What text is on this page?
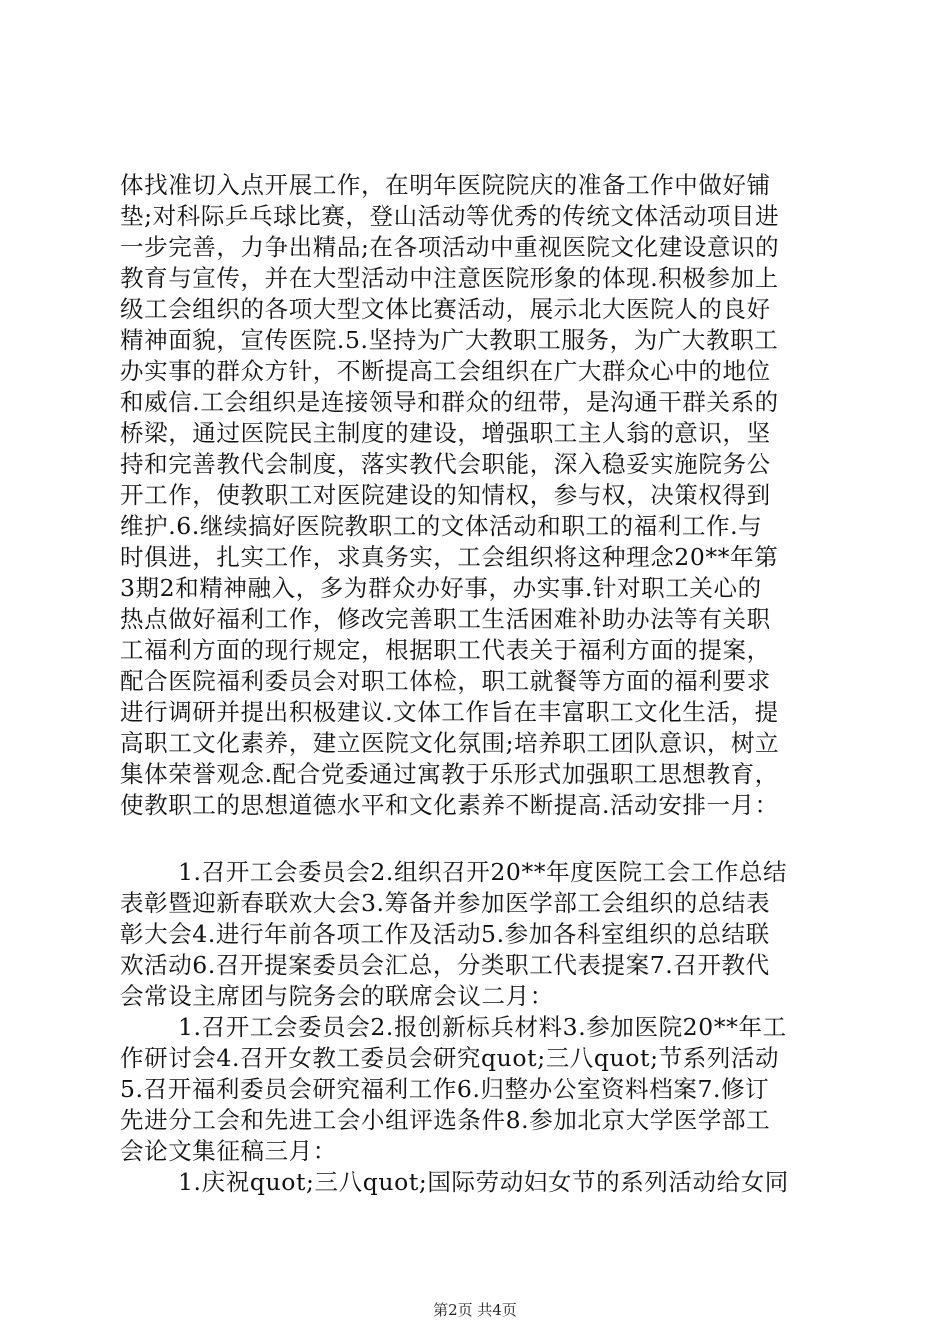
体找准切入点开展工作，在明年医院院庆的准备工作中做好铺
垫;对科际乒乓球比赛，登山活动等优秀的传统文体活动项目进
一步完善，力争出精品;在各项活动中重视医院文化建设意识的
教育与宣传，并在大型活动中注意医院形象的体现.积极参加上
级工会组织的各项大型文体比赛活动，展示北大医院人的良好
精神面貌，宣传医院.5.坚持为广大教职工服务，为广大教职工
办实事的群众方针，不断提高工会组织在广大群众心中的地位
和威信.工会组织是连接领导和群众的纽带，是沟通干群关系的
桥梁，通过医院民主制度的建设，增强职工主人翁的意识，坚
持和完善教代会制度，落实教代会职能，深入稳妥实施院务公
开工作，使教职工对医院建设的知情权，参与权，决策权得到
维护.6.继续搞好医院教职工的文体活动和职工的福利工作.与
时俱进，扎实工作，求真务实，工会组织将这种理念20**年第
3期2和精神融入，多为群众办好事，办实事.针对职工关心的
热点做好福利工作，修改完善职工生活困难补助办法等有关职
工福利方面的现行规定，根据职工代表关于福利方面的提案，
配合医院福利委员会对职工体检，职工就餐等方面的福利要求
进行调研并提出积极建议.文体工作旨在丰富职工文化生活，提
高职工文化素养，建立医院文化氛围;培养职工团队意识，树立
集体荣誉观念.配合党委通过寓教于乐形式加强职工思想教育，
使教职工的思想道德水平和文化素养不断提高.活动安排一月：
1.召开工会委员会2.组织召开20**年度医院工会工作总结
表彰暨迎新春联欢大会3.筹备并参加医学部工会组织的总结表
彰大会4.进行年前各项工作及活动5.参加各科室组织的总结联
欢活动6.召开提案委员会汇总，分类职工代表提案7.召开教代
会常设主席团与院务会的联席会议二月：
1.召开工会委员会2.报创新标兵材料3.参加医院20**年工
作研讨会4.召开女教工委员会研究quot;三八quot;节系列活动
5.召开福利委员会研究福利工作6.归整办公室资料档案7.修订
先进分工会和先进工会小组评选条件8.参加北京大学医学部工
会论文集征稿三月：
1.庆祝quot;三八quot;国际劳动妇女节的系列活动给女同
第2页 共4页
